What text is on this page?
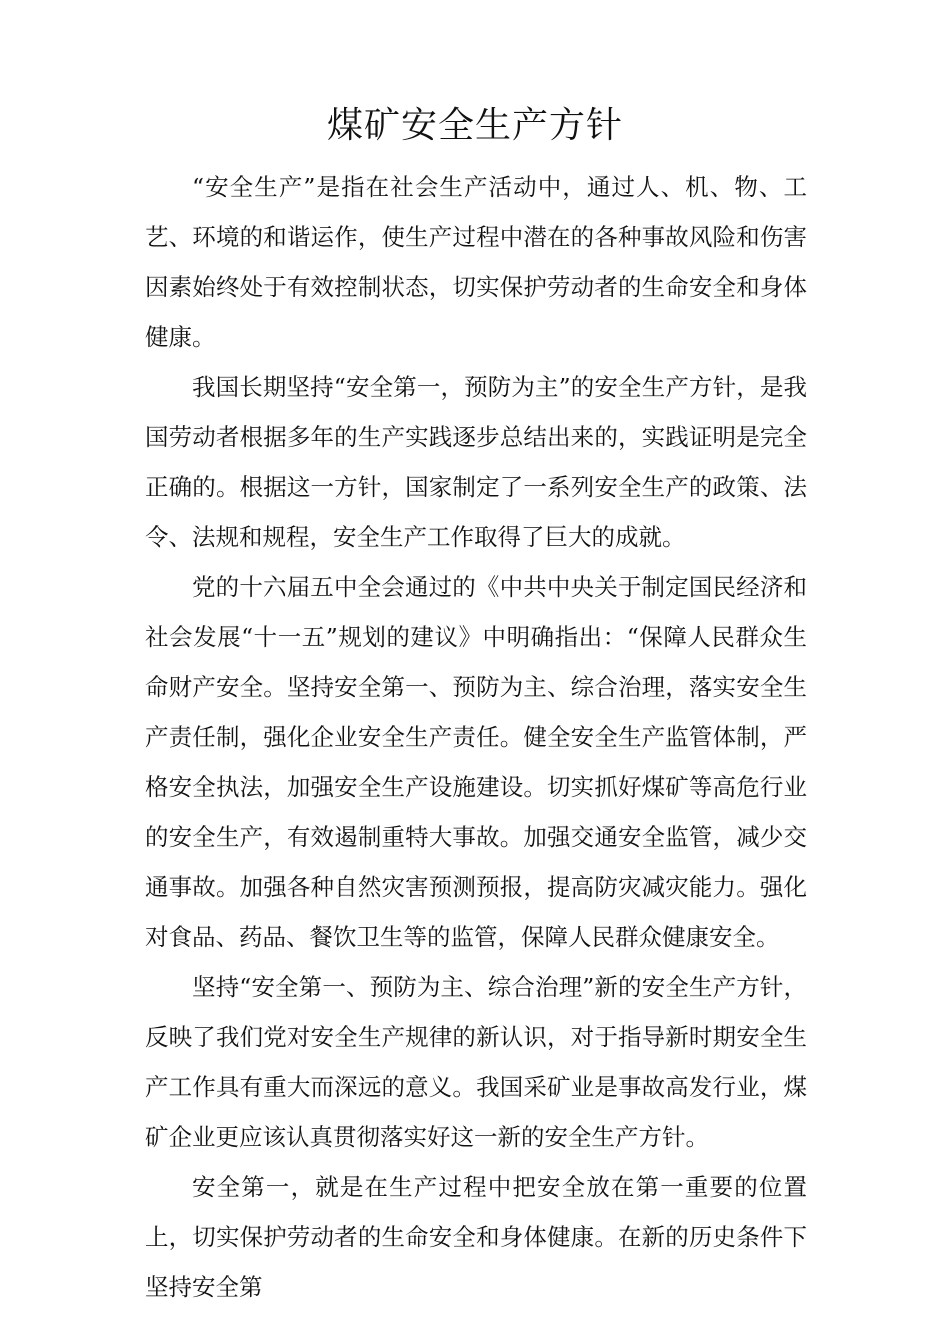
煤矿安全生产方针

“安全生产”是指在社会生产活动中，通过人、机、物、工艺、环境的和谐运作，使生产过程中潜在的各种事故风险和伤害因素始终处于有效控制状态，切实保护劳动者的生命安全和身体健康。

我国长期坚持“安全第一，预防为主”的安全生产方针，是我国劳动者根据多年的生产实践逐步总结出来的，实践证明是完全正确的。根据这一方针，国家制定了一系列安全生产的政策、法令、法规和规程，安全生产工作取得了巨大的成就。

党的十六届五中全会通过的《中共中央关于制定国民经济和社会发展“十一五”规划的建议》中明确指出：“保障人民群众生命财产安全。坚持安全第一、预防为主、综合治理，落实安全生产责任制，强化企业安全生产责任。健全安全生产监管体制，严格安全执法，加强安全生产设施建设。切实抓好煤矿等高危行业的安全生产，有效遏制重特大事故。加强交通安全监管，减少交通事故。加强各种自然灾害预测预报，提高防灾减灾能力。强化对食品、药品、餐饮卫生等的监管，保障人民群众健康安全。

坚持“安全第一、预防为主、综合治理”新的安全生产方针，反映了我们党对安全生产规律的新认识，对于指导新时期安全生产工作具有重大而深远的意义。我国采矿业是事故高发行业，煤矿企业更应该认真贯彻落实好这一新的安全生产方针。

安全第一，就是在生产过程中把安全放在第一重要的位置上，切实保护劳动者的生命安全和身体健康。在新的历史条件下坚持安全第
